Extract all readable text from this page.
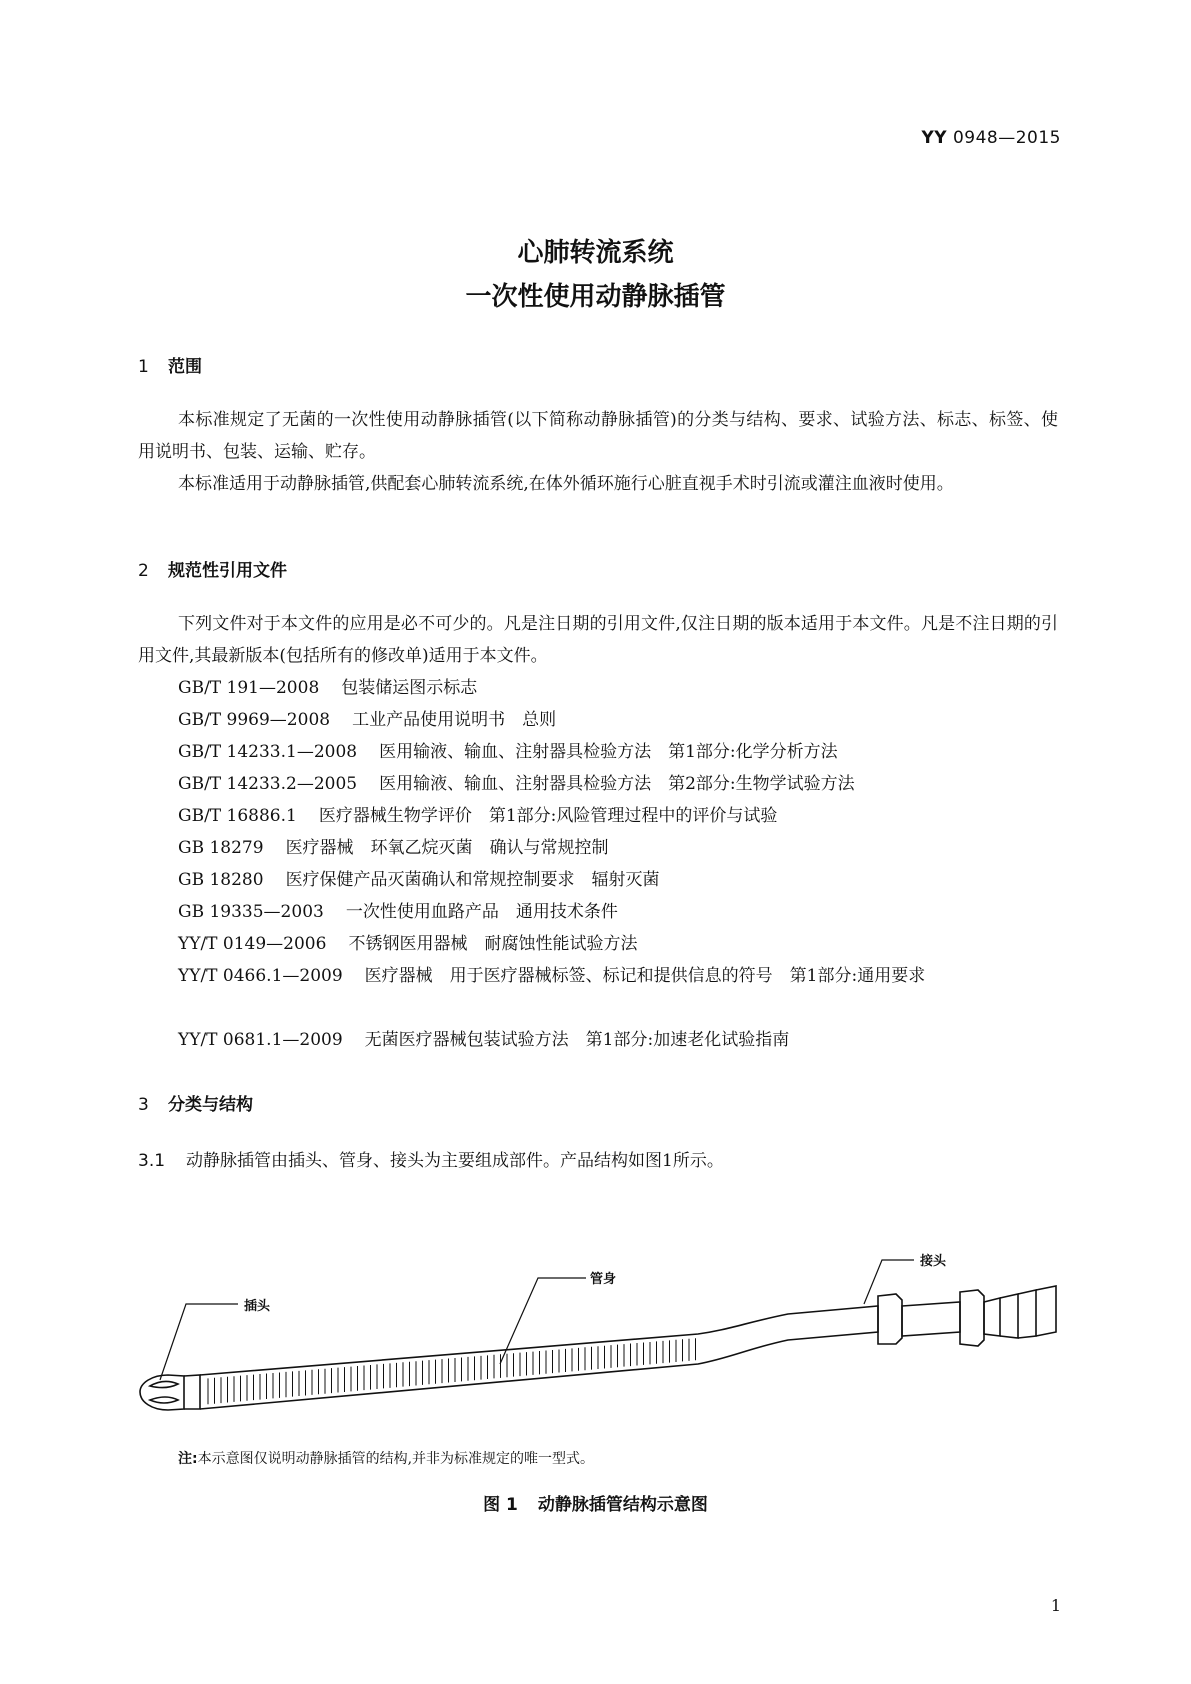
YY 0948—2015
心肺转流系统
一次性使用动静脉插管
1 范围
本标准规定了无菌的一次性使用动静脉插管(以下简称动静脉插管)的分类与结构、要求、试验方法、标志、标签、使用说明书、包装、运输、贮存。
本标准适用于动静脉插管,供配套心肺转流系统,在体外循环施行心脏直视手术时引流或灌注血液时使用。
2 规范性引用文件
下列文件对于本文件的应用是必不可少的。凡是注日期的引用文件,仅注日期的版本适用于本文件。凡是不注日期的引用文件,其最新版本(包括所有的修改单)适用于本文件。
GB/T 191—2008 包装储运图示标志
GB/T 9969—2008 工业产品使用说明书　总则
GB/T 14233.1—2008 医用输液、输血、注射器具检验方法　第1部分:化学分析方法
GB/T 14233.2—2005 医用输液、输血、注射器具检验方法　第2部分:生物学试验方法
GB/T 16886.1 医疗器械生物学评价　第1部分:风险管理过程中的评价与试验
GB 18279 医疗器械　环氧乙烷灭菌　确认与常规控制
GB 18280 医疗保健产品灭菌确认和常规控制要求　辐射灭菌
GB 19335—2003 一次性使用血路产品　通用技术条件
YY/T 0149—2006 不锈钢医用器械　耐腐蚀性能试验方法
YY/T 0466.1—2009 医疗器械　用于医疗器械标签、标记和提供信息的符号　第1部分:通用要求
YY/T 0681.1—2009 无菌医疗器械包装试验方法　第1部分:加速老化试验指南
3 分类与结构
3.1 动静脉插管由插头、管身、接头为主要组成部件。产品结构如图1所示。
插头
管身
接头
注:本示意图仅说明动静脉插管的结构,并非为标准规定的唯一型式。
图 1 动静脉插管结构示意图
1
